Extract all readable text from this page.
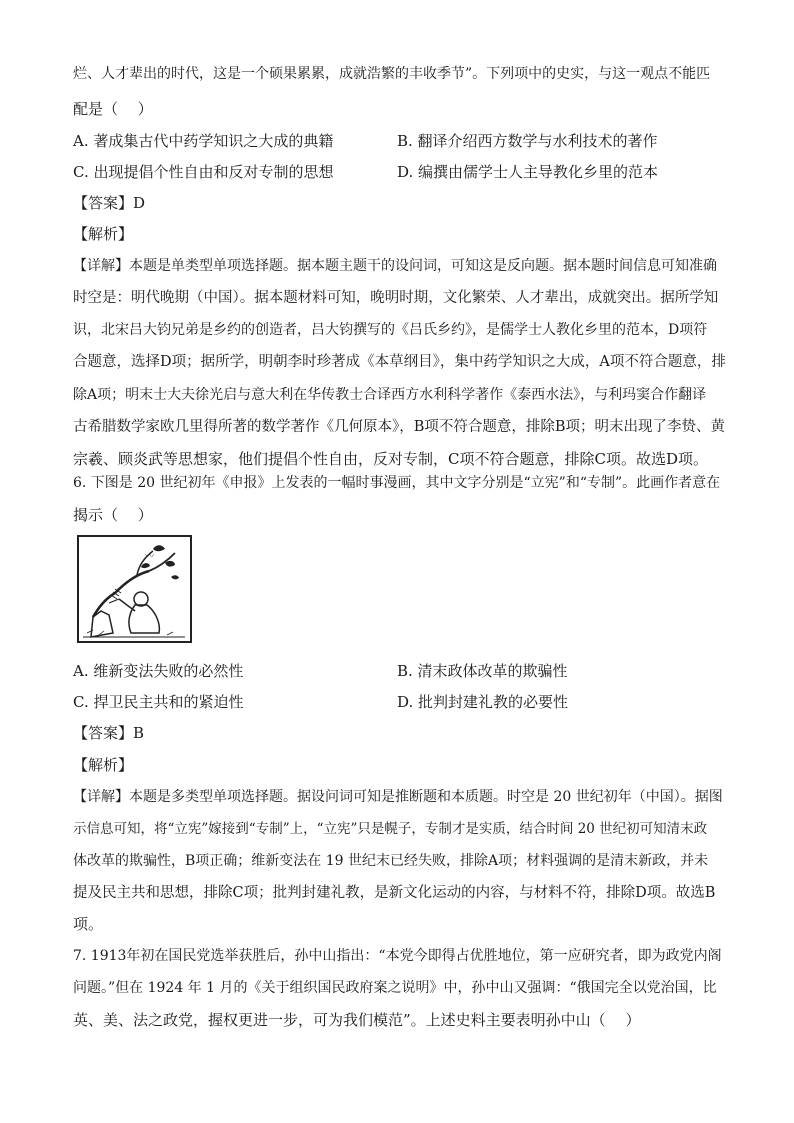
烂、人才辈出的时代，这是一个硕果累累，成就浩繁的丰收季节”。下列项中的史实，与这一观点不能匹
配是（　 ）
A. 著成集古代中药学知识之大成的典籍	B. 翻译介绍西方数学与水利技术的著作
C. 出现提倡个性自由和反对专制的思想	D. 编撰由儒学士人主导教化乡里的范本
【答案】D
【解析】
【详解】本题是单类型单项选择题。据本题主题干的设问词，可知这是反向题。据本题时间信息可知准确
时空是：明代晚期（中国）。据本题材料可知，晚明时期，文化繁荣、人才辈出，成就突出。据所学知
识，北宋吕大钧兄弟是乡约的创造者，吕大钧撰写的《吕氏乡约》，是儒学士人教化乡里的范本，D项符
合题意，选择D项；据所学，明朝李时珍著成《本草纲目》，集中药学知识之大成，A项不符合题意，排
除A项；明末士大夫徐光启与意大利在华传教士合译西方水利科学著作《泰西水法》，与利玛窦合作翻译
古希腊数学家欧几里得所著的数学著作《几何原本》，B项不符合题意，排除B项；明末出现了李贽、黄
宗羲、顾炎武等思想家，他们提倡个性自由，反对专制，C项不符合题意，排除C项。故选D项。
6. 下图是 20 世纪初年《申报》上发表的一幅时事漫画，其中文字分别是“立宪”和“专制”。此画作者意在
揭示（　 ）
〰
A. 维新变法失败的必然性	B. 清末政体改革的欺骗性
C. 捍卫民主共和的紧迫性	D. 批判封建礼教的必要性
【答案】B
【解析】
【详解】本题是多类型单项选择题。据设问词可知是推断题和本质题。时空是 20 世纪初年（中国）。据图
示信息可知，将“立宪”嫁接到“专制”上，“立宪”只是幌子，专制才是实质，结合时间 20 世纪初可知清末政
体改革的欺骗性，B项正确；维新变法在 19 世纪末已经失败，排除A项；材料强调的是清末新政，并未
提及民主共和思想，排除C项；批判封建礼教，是新文化运动的内容，与材料不符，排除D项。故选B
项。
7. 1913年初在国民党选举获胜后，孙中山指出：“本党今即得占优胜地位，第一应研究者，即为政党内阁
问题。”但在 1924 年 1 月的《关于组织国民政府案之说明》中，孙中山又强调：“俄国完全以党治国，比
英、美、法之政党，握权更进一步，可为我们模范”。上述史料主要表明孙中山（　 ）
